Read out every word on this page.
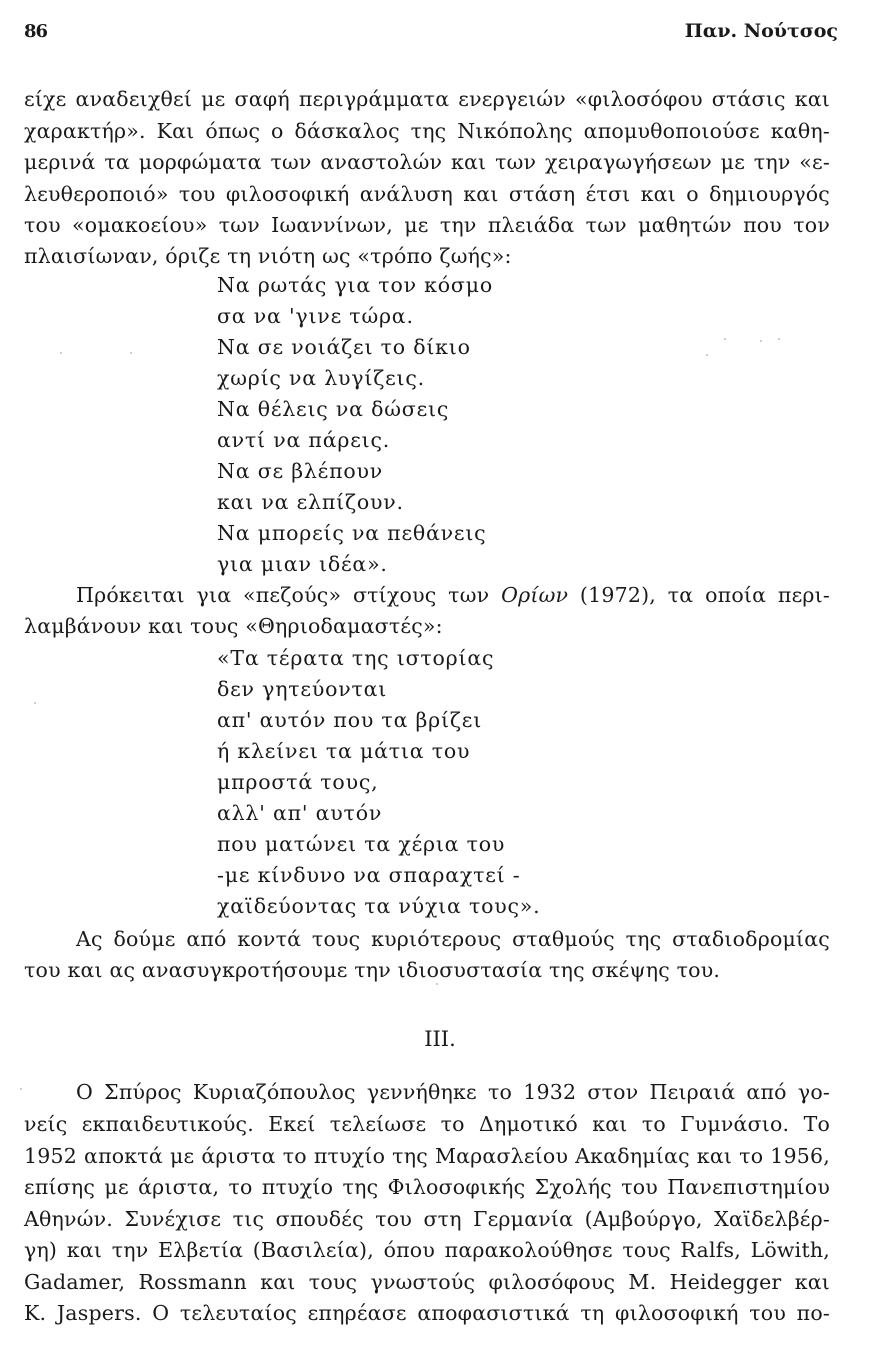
86	Παν. Νούτσος
είχε αναδειχθεί με σαφή περιγράμματα ενεργειών «φιλοσόφου στάσις και
χαρακτήρ». Και όπως ο δάσκαλος της Νικόπολης απομυθοποιούσε καθη-
μερινά τα μορφώματα των αναστολών και των χειραγωγήσεων με την «ε-
λευθεροποιό» του φιλοσοφική ανάλυση και στάση έτσι και ο δημιουργός
του «ομακοείου» των Ιωαννίνων, με την πλειάδα των μαθητών που τον
πλαισίωναν, όριζε τη νιότη ως «τρόπο ζωής»:
Να ρωτάς για τον κόσμο
σα να 'γινε τώρα.
Να σε νοιάζει το δίκιο
χωρίς να λυγίζεις.
Να θέλεις να δώσεις
αντί να πάρεις.
Να σε βλέπουν
και να ελπίζουν.
Να μπορείς να πεθάνεις
για μιαν ιδέα».
Πρόκειται για «πεζούς» στίχους των Ορίων (1972), τα οποία περι-
λαμβάνουν και τους «Θηριοδαμαστές»:
«Τα τέρατα της ιστορίας
δεν γητεύονται
απ' αυτόν που τα βρίζει
ή κλείνει τα μάτια του
μπροστά τους,
αλλ' απ' αυτόν
που ματώνει τα χέρια του
-με κίνδυνο να σπαραχτεί -
χαϊδεύοντας τα νύχια τους».
Ας δούμε από κοντά τους κυριότερους σταθμούς της σταδιοδρομίας
του και ας ανασυγκροτήσουμε την ιδιοσυστασία της σκέψης του.
III.
Ο Σπύρος Κυριαζόπουλος γεννήθηκε το 1932 στον Πειραιά από γο-
νείς εκπαιδευτικούς. Εκεί τελείωσε το Δημοτικό και το Γυμνάσιο. Το
1952 αποκτά με άριστα το πτυχίο της Μαρασλείου Ακαδημίας και το 1956,
επίσης με άριστα, το πτυχίο της Φιλοσοφικής Σχολής του Πανεπιστημίου
Αθηνών. Συνέχισε τις σπουδές του στη Γερμανία (Αμβούργο, Χαϊδελβέρ-
γη) και την Ελβετία (Βασιλεία), όπου παρακολούθησε τους Ralfs, Löwith,
Gadamer, Rossmann και τους γνωστούς φιλοσόφους M. Heidegger και
K. Jaspers. Ο τελευταίος επηρέασε αποφασιστικά τη φιλοσοφική του πο-
